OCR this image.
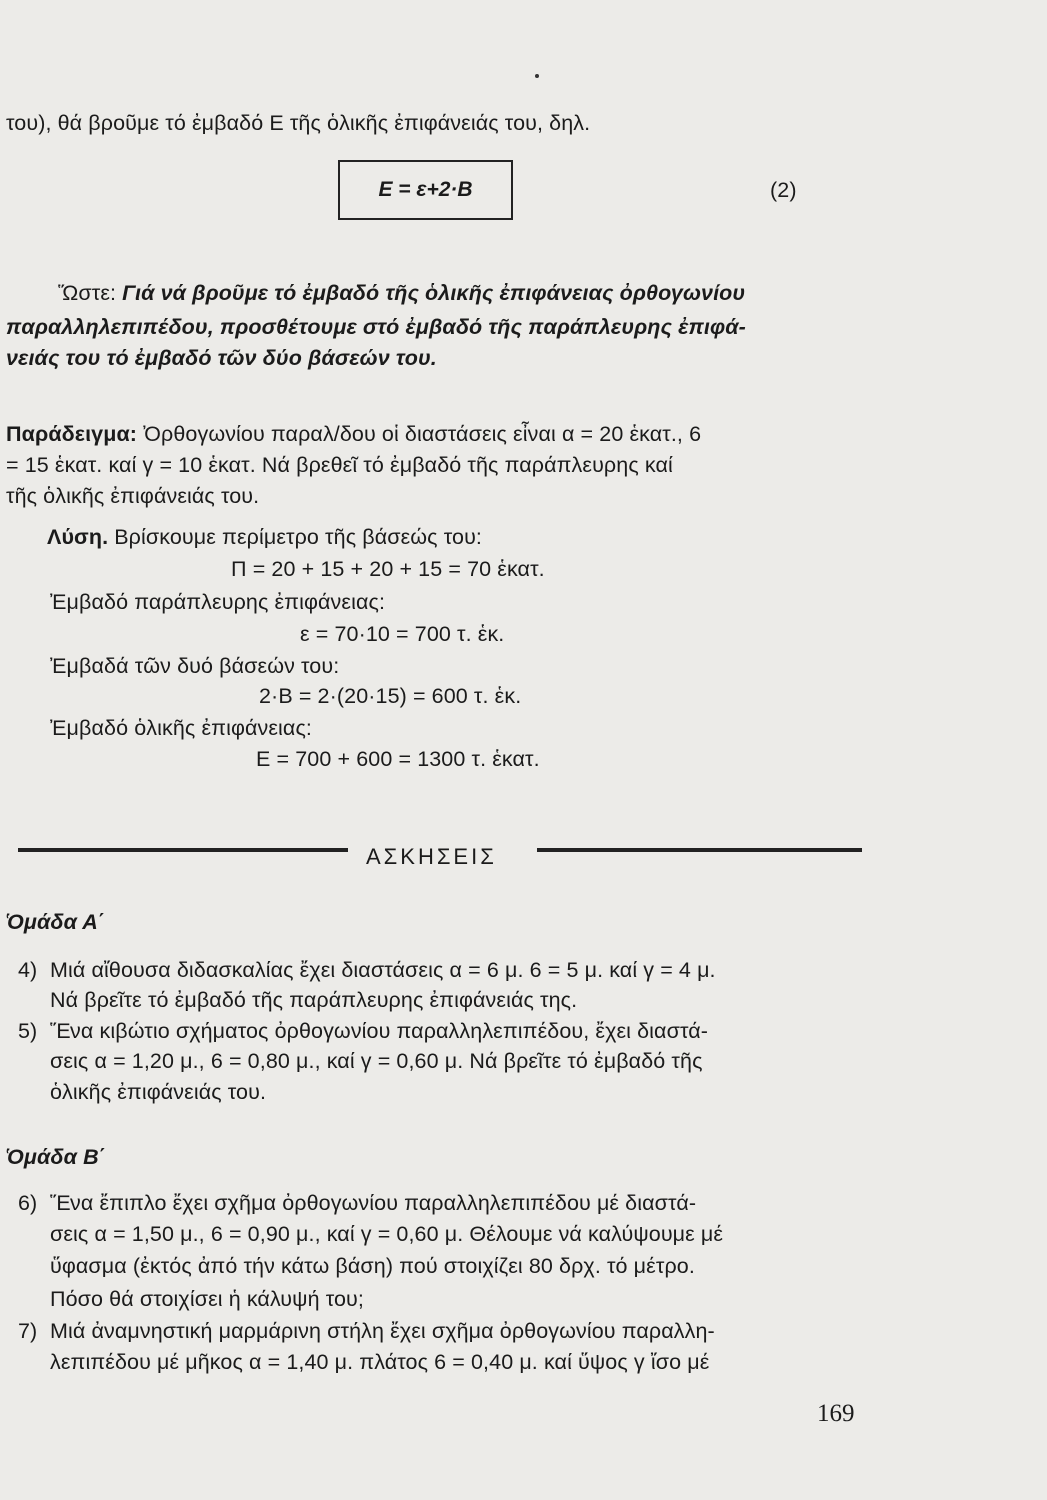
του), θά βροῦμε τό ἐμβαδό Ε τῆς ὁλικῆς ἐπιφάνειάς του, δηλ.
E = ε+2·B	(2)
Ὥστε: Γιά νά βροῦμε τό ἐμβαδό τῆς ὁλικῆς ἐπιφάνειας ὀρθογωνίου
παραλληλεπιπέδου, προσθέτουμε στό ἐμβαδό τῆς παράπλευρης ἐπιφά-
νειάς του τό ἐμβαδό τῶν δύο βάσεών του.
Παράδειγμα: Ὀρθογωνίου παραλ/δου οἱ διαστάσεις εἶναι α = 20 ἑκατ., 6
= 15 ἑκατ. καί γ = 10 ἑκατ. Νά βρεθεῖ τό ἐμβαδό τῆς παράπλευρης καί
τῆς ὁλικῆς ἐπιφάνειάς του.
Λύση. Βρίσκουμε περίμετρο τῆς βάσεώς του:
Π = 20 + 15 + 20 + 15 = 70 ἑκατ.
Ἐμβαδό παράπλευρης ἐπιφάνειας:
ε = 70·10 = 700 τ. ἑκ.
Ἐμβαδά τῶν δυό βάσεών του:
2·Β = 2·(20·15) = 600 τ. ἑκ.
Ἐμβαδό ὁλικῆς ἐπιφάνειας:
Ε = 700 + 600 = 1300 τ. ἑκατ.
ΑΣΚΗΣΕΙΣ
Ὁμάδα Α΄
4) Μιά αἴθουσα διδασκαλίας ἔχει διαστάσεις α = 6 μ. 6 = 5 μ. καί γ = 4 μ.
Νά βρεῖτε τό ἐμβαδό τῆς παράπλευρης ἐπιφάνειάς της.
5) Ἕνα κιβώτιο σχήματος ὀρθογωνίου παραλληλεπιπέδου, ἔχει διαστά-
σεις α = 1,20 μ., 6 = 0,80 μ., καί γ = 0,60 μ. Νά βρεῖτε τό ἐμβαδό τῆς
ὁλικῆς ἐπιφάνειάς του.
Ὁμάδα Β΄
6) Ἕνα ἔπιπλο ἔχει σχῆμα ὀρθογωνίου παραλληλεπιπέδου μέ διαστά-
σεις α = 1,50 μ., 6 = 0,90 μ., καί γ = 0,60 μ. Θέλουμε νά καλύψουμε μέ
ὕφασμα (ἐκτός ἀπό τήν κάτω βάση) πού στοιχίζει 80 δρχ. τό μέτρο.
Πόσο θά στοιχίσει ἡ κάλυψή του;
7) Μιά ἀναμνηστική μαρμάρινη στήλη ἔχει σχῆμα ὀρθογωνίου παραλλη-
λεπιπέδου μέ μῆκος α = 1,40 μ. πλάτος 6 = 0,40 μ. καί ὕψος γ ἴσο μέ
169
